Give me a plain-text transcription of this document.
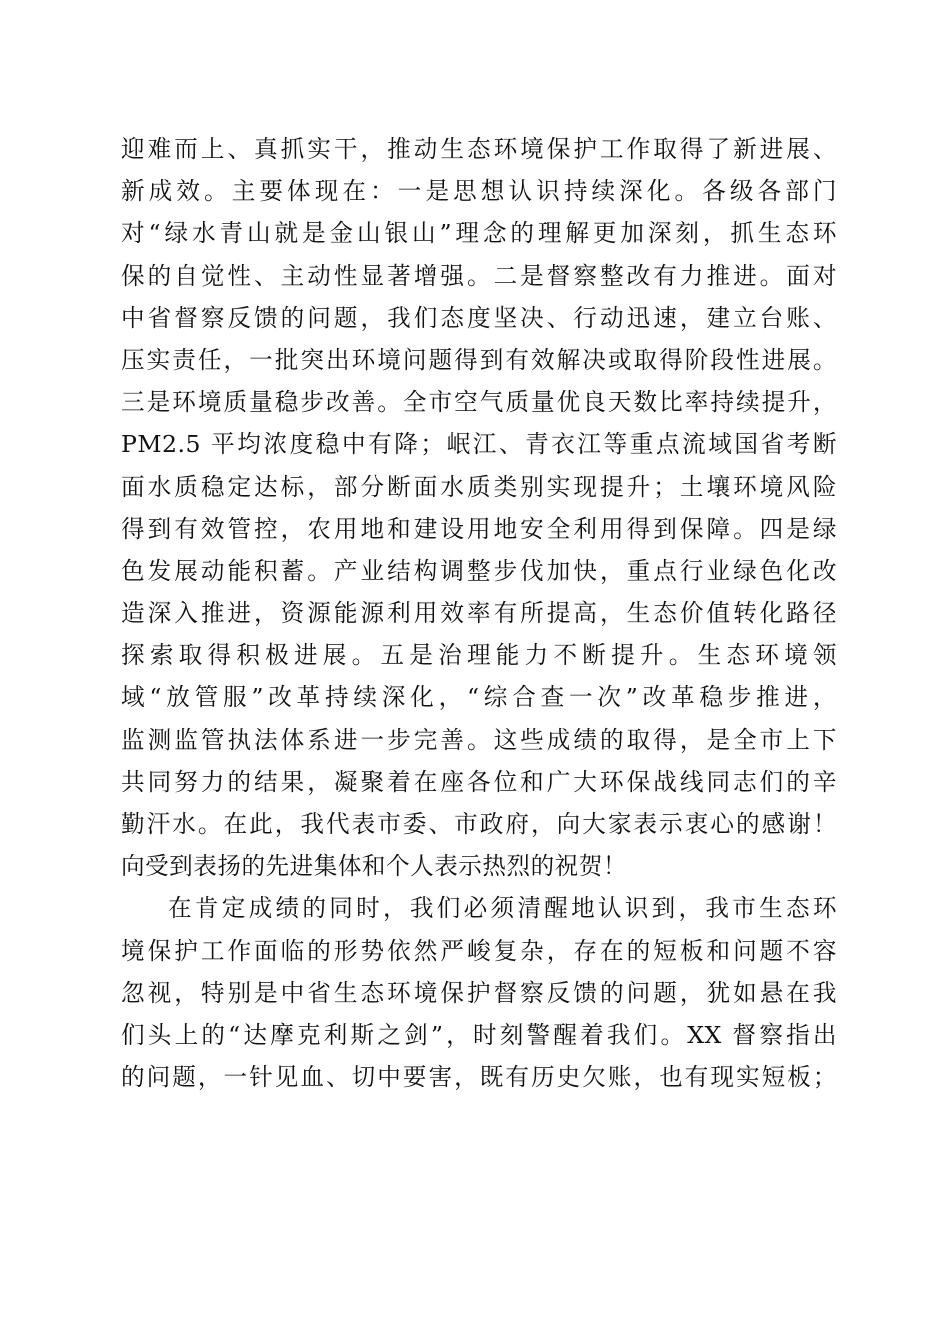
迎难而上、真抓实干，推动生态环境保护工作取得了新进展、
新成效。主要体现在：一是思想认识持续深化。各级各部门
对“绿水青山就是金山银山”理念的理解更加深刻，抓生态环
保的自觉性、主动性显著增强。二是督察整改有力推进。面对
中省督察反馈的问题，我们态度坚决、行动迅速，建立台账、
压实责任，一批突出环境问题得到有效解决或取得阶段性进展。
三是环境质量稳步改善。全市空气质量优良天数比率持续提升，
PM2.5 平均浓度稳中有降；岷江、青衣江等重点流域国省考断
面水质稳定达标，部分断面水质类别实现提升；土壤环境风险
得到有效管控，农用地和建设用地安全利用得到保障。四是绿
色发展动能积蓄。产业结构调整步伐加快，重点行业绿色化改
造深入推进，资源能源利用效率有所提高，生态价值转化路径
探索取得积极进展。五是治理能力不断提升。生态环境领
域“放管服”改革持续深化，“综合查一次”改革稳步推进，
监测监管执法体系进一步完善。这些成绩的取得，是全市上下
共同努力的结果，凝聚着在座各位和广大环保战线同志们的辛
勤汗水。在此，我代表市委、市政府，向大家表示衷心的感谢！
向受到表扬的先进集体和个人表示热烈的祝贺！
在肯定成绩的同时，我们必须清醒地认识到，我市生态环
境保护工作面临的形势依然严峻复杂，存在的短板和问题不容
忽视，特别是中省生态环境保护督察反馈的问题，犹如悬在我
们头上的“达摩克利斯之剑”，时刻警醒着我们。XX 督察指出
的问题，一针见血、切中要害，既有历史欠账，也有现实短板；
